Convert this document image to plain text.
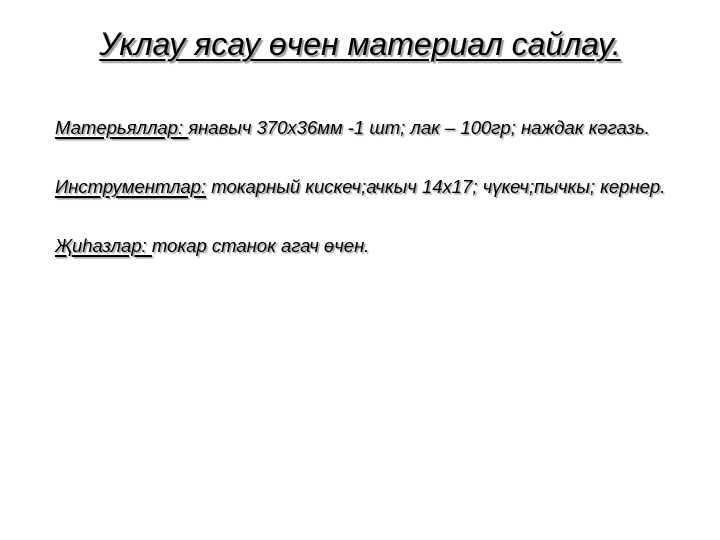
Уклау ясау өчен материал сайлау.

Матерьяллар: янавыч 370х36мм -1 шт; лак – 100гр; наждак кәгазь.

Инструментлар: токарный кискеч;ачкыч 14х17; чүкеч;пычкы; кернер.

Җиһазлар: токар станок агач өчен.
